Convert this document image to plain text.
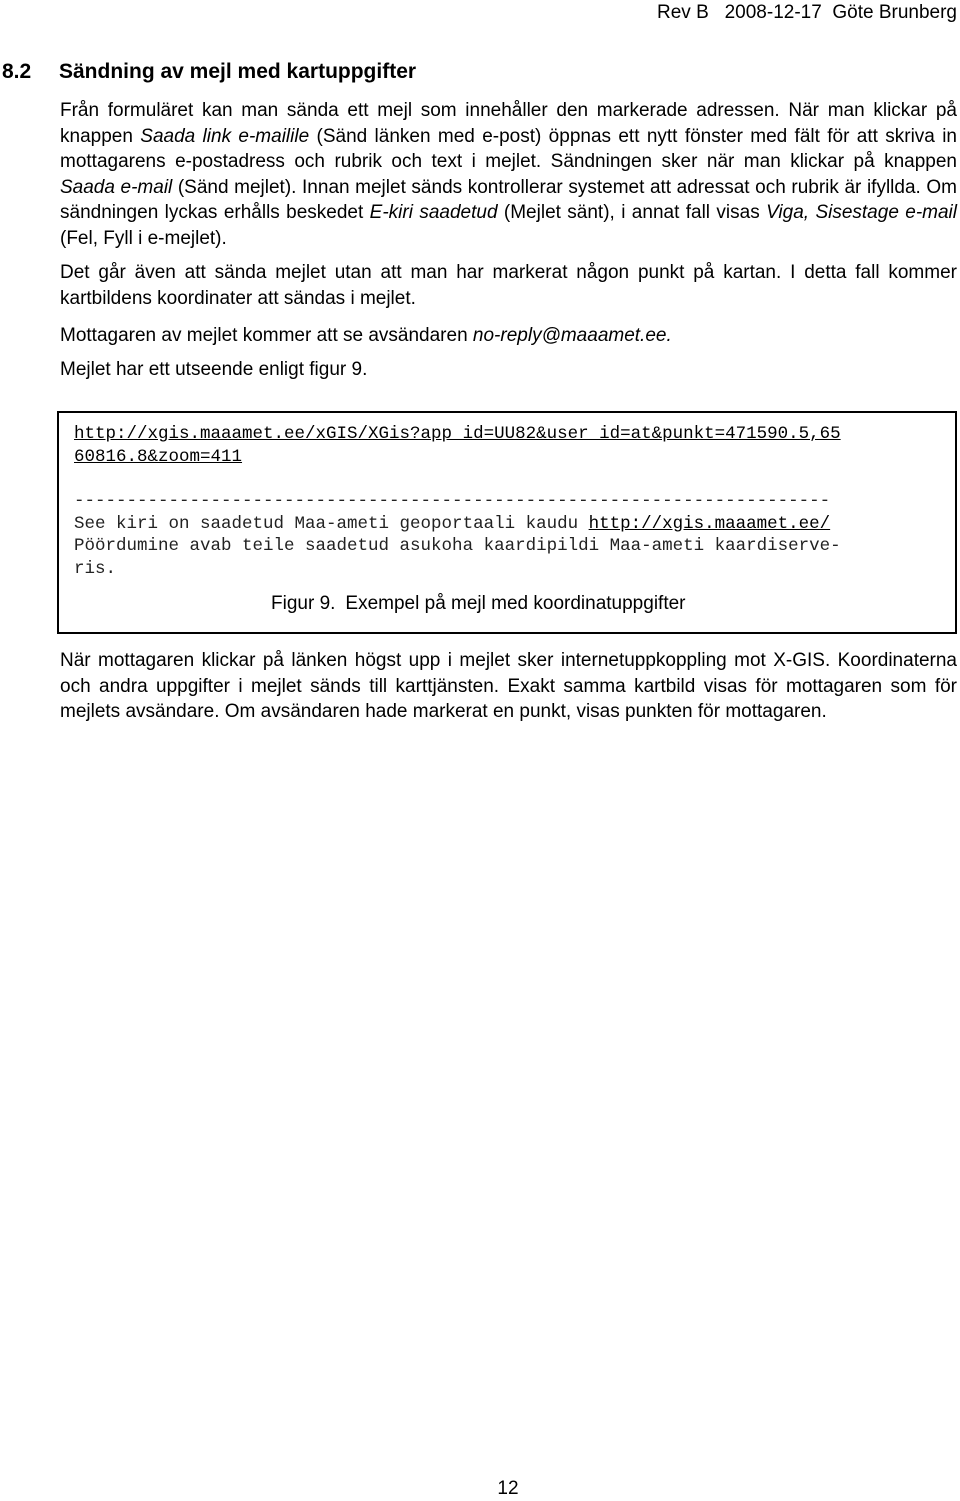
Rev B 2008-12-17 Göte Brunberg
8.2 Sändning av mejl med kartuppgifter

Från formuläret kan man sända ett mejl som innehåller den markerade adressen. När man klickar på knappen Saada link e-mailile (Sänd länken med e-post) öppnas ett nytt fönster med fält för att skriva in mottagarens e-postadress och rubrik och text i mejlet. Sändningen sker när man klickar på knappen Saada e-mail (Sänd mejlet). Innan mejlet sänds kontrollerar systemet att adressat och rubrik är ifyllda. Om sändningen lyckas erhålls beskedet E-kiri saadetud (Mejlet sänt), i annat fall visas Viga, Sisestage e-mail (Fel, Fyll i e-mejlet).

Det går även att sända mejlet utan att man har markerat någon punkt på kartan. I detta fall kommer kartbildens koordinater att sändas i mejlet.

Mottagaren av mejlet kommer att se avsändaren no-reply@maaamet.ee.

Mejlet har ett utseende enligt figur 9.

http://xgis.maaamet.ee/xGIS/XGis?app_id=UU82&user_id=at&punkt=471590.5,65
60816.8&zoom=411
------------------------------------------------------------------------
See kiri on saadetud Maa-ameti geoportaali kaudu http://xgis.maaamet.ee/
Pöördumine avab teile saadetud asukoha kaardipildi Maa-ameti kaardiserve-
ris.
Figur 9. Exempel på mejl med koordinatuppgifter

När mottagaren klickar på länken högst upp i mejlet sker internetuppkoppling mot X-GIS. Koordinaterna och andra uppgifter i mejlet sänds till karttjänsten. Exakt samma kartbild visas för mottagaren som för mejlets avsändare. Om avsändaren hade markerat en punkt, visas punkten för mottagaren.

12
